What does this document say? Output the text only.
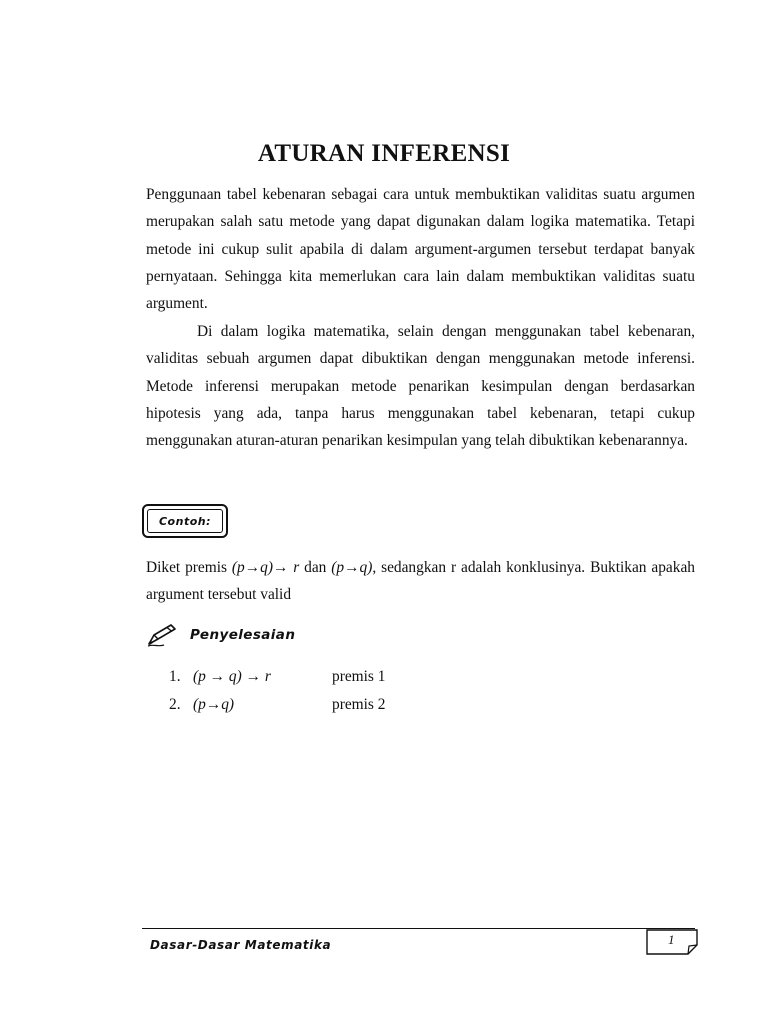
ATURAN INFERENSI
Penggunaan tabel kebenaran sebagai cara untuk membuktikan validitas suatu argumen merupakan salah satu metode yang dapat digunakan dalam logika matematika. Tetapi metode ini cukup sulit apabila di dalam argument-argumen tersebut terdapat banyak pernyataan. Sehingga kita memerlukan cara lain dalam membuktikan validitas suatu argument.
Di dalam logika matematika, selain dengan menggunakan tabel kebenaran, validitas sebuah argumen dapat dibuktikan dengan menggunakan metode inferensi. Metode inferensi merupakan metode penarikan kesimpulan dengan berdasarkan hipotesis yang ada, tanpa harus menggunakan tabel kebenaran, tetapi cukup menggunakan aturan-aturan penarikan kesimpulan yang telah dibuktikan kebenarannya.
Contoh:
Diket premis (p→q)→ r dan (p→q), sedangkan r adalah konklusinya. Buktikan apakah argument tersebut valid
Penyelesaian
1. (p → q) → r	premis 1
2. (p→q)	premis 2
Dasar-Dasar Matematika	1
